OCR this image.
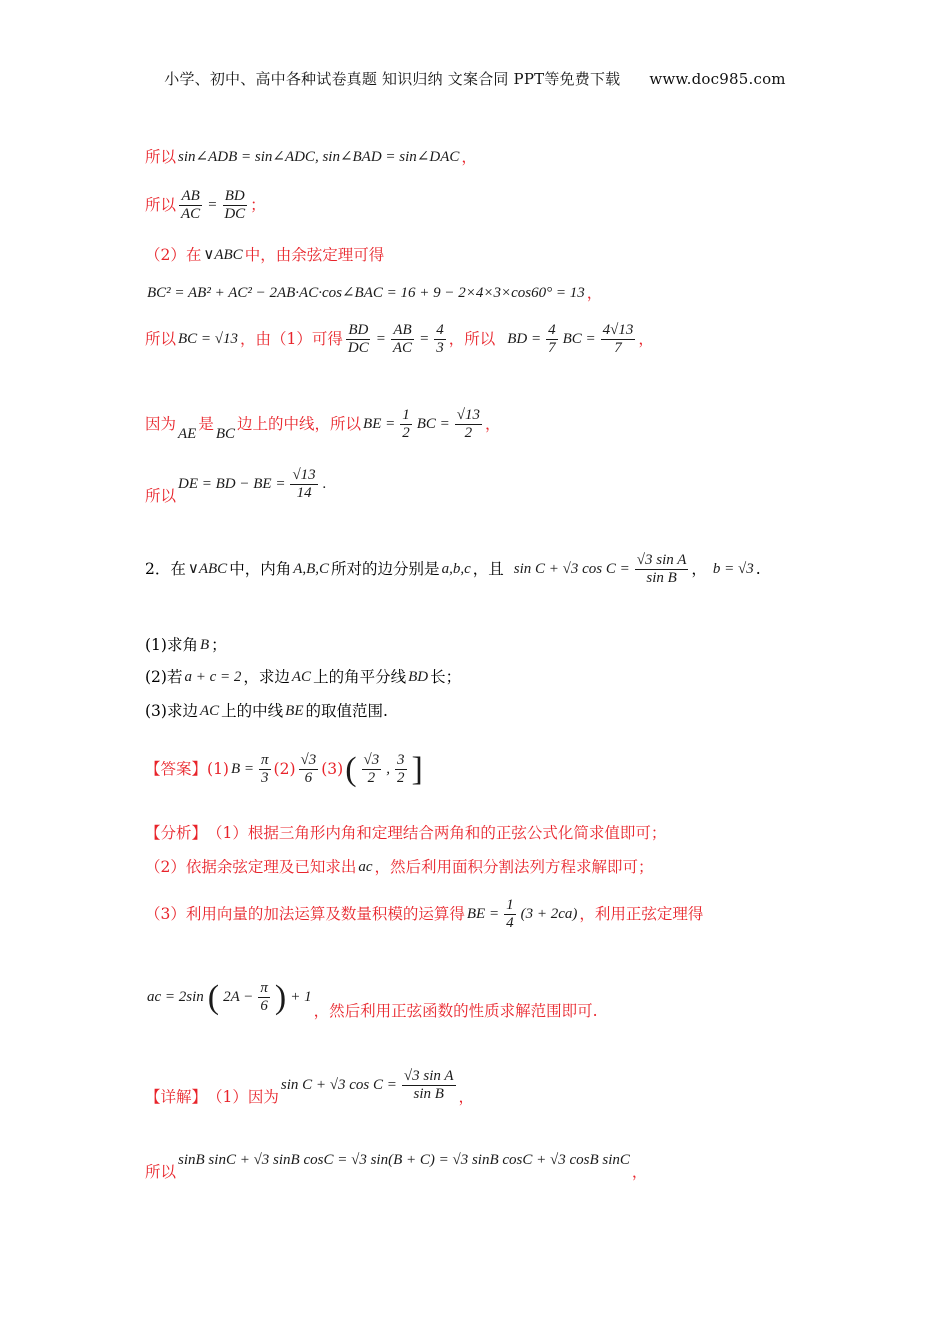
小学、初中、高中各种试卷真题 知识归纳 文案合同 PPT等免费下载 www.doc985.com
所以 sin∠ADB = sin∠ADC, sin∠BAD = sin∠DAC ，
所以 $\frac{AB}{AC} = \frac{BD}{DC}$ ；
（2）在 ∨ABC 中，由余弦定理可得
BC² = AB² + AC² − 2AB·AC·cos∠BAC = 16 + 9 − 2×4×3×cos60° = 13 ，
所以 BC = √13 ，由（1）可得 $\frac{BD}{DC} = \frac{AB}{AC} = \frac{4}{3}$ ，所以 BD = $\frac{4}{7}$ BC = $\frac{4√13}{7}$ ，
因为
AE
是
BC
边上的中线，所以 BE = $\frac{1}{2}$ BC = $\frac{√13}{2}$ ，
所以
DE = BD − BE = $\frac{√13}{14}$ .
2．在 ∨ABC 中，内角 A,B,C 所对的边分别是 a,b,c ，且 sin C + √3 $\cos C = \frac{\text{√3 sin A}}{\text{sin B}}$ ， b = √3 .
(1)求角 B ；
(2)若 a + c = 2 ，求边 AC 上的角平分线 BD 长；
(3)求边 AC 上的中线 BE 的取值范围.
【答案】 (1) $B = \frac{\pi}{3} (2) \frac{√3}{6} (3)$ ( $\frac{√3}{2}$ , $\frac{3}{2}$ ]
【分析】 （1）根据三角形内角和定理结合两角和的正弦公式化简求值即可；
（2）依据余弦定理及已知求出 ac ，然后利用面积分割法列方程求解即可；
（3）利用向量的加法运算及数量积模的运算得 BE = $\frac{1}{4} (3 + 2ca)$ ，利用正弦定理得
ac = 2sin ( $2A - \frac{\pi}{6}$ ) + 1
，然后利用正弦函数的性质求解范围即可.
【详解】 （1）因为
sin C + √3 $\cos C = \frac{\text{√3 sin A}}{\text{sin B}}$ ，
所以
sinB sinC + √3 sinB cosC = √3 sin(B + C) = √3 sinB cosC + √3 cosB sinC
，
